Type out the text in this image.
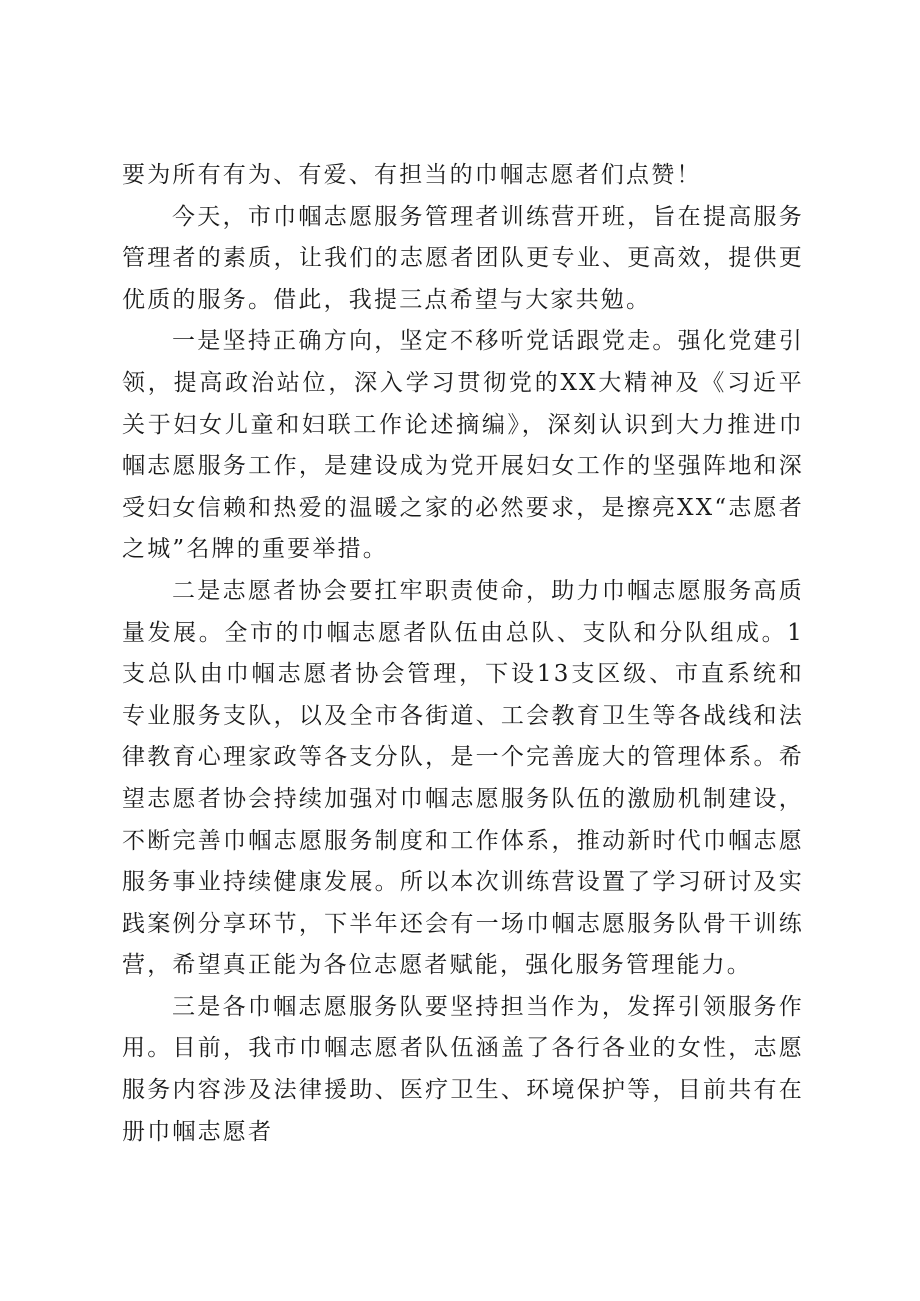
要为所有有为、有爱、有担当的巾帼志愿者们点赞！

今天，市巾帼志愿服务管理者训练营开班，旨在提高服务管理者的素质，让我们的志愿者团队更专业、更高效，提供更优质的服务。借此，我提三点希望与大家共勉。

一是坚持正确方向，坚定不移听党话跟党走。强化党建引领，提高政治站位，深入学习贯彻党的XX大精神及《习近平关于妇女儿童和妇联工作论述摘编》，深刻认识到大力推进巾帼志愿服务工作，是建设成为党开展妇女工作的坚强阵地和深受妇女信赖和热爱的温暖之家的必然要求，是擦亮XX“志愿者之城”名牌的重要举措。

二是志愿者协会要扛牢职责使命，助力巾帼志愿服务高质量发展。全市的巾帼志愿者队伍由总队、支队和分队组成。1支总队由巾帼志愿者协会管理，下设13支区级、市直系统和专业服务支队，以及全市各街道、工会教育卫生等各战线和法律教育心理家政等各支分队，是一个完善庞大的管理体系。希望志愿者协会持续加强对巾帼志愿服务队伍的激励机制建设，不断完善巾帼志愿服务制度和工作体系，推动新时代巾帼志愿服务事业持续健康发展。所以本次训练营设置了学习研讨及实践案例分享环节，下半年还会有一场巾帼志愿服务队骨干训练营，希望真正能为各位志愿者赋能，强化服务管理能力。

三是各巾帼志愿服务队要坚持担当作为，发挥引领服务作用。目前，我市巾帼志愿者队伍涵盖了各行各业的女性，志愿服务内容涉及法律援助、医疗卫生、环境保护等，目前共有在册巾帼志愿者
